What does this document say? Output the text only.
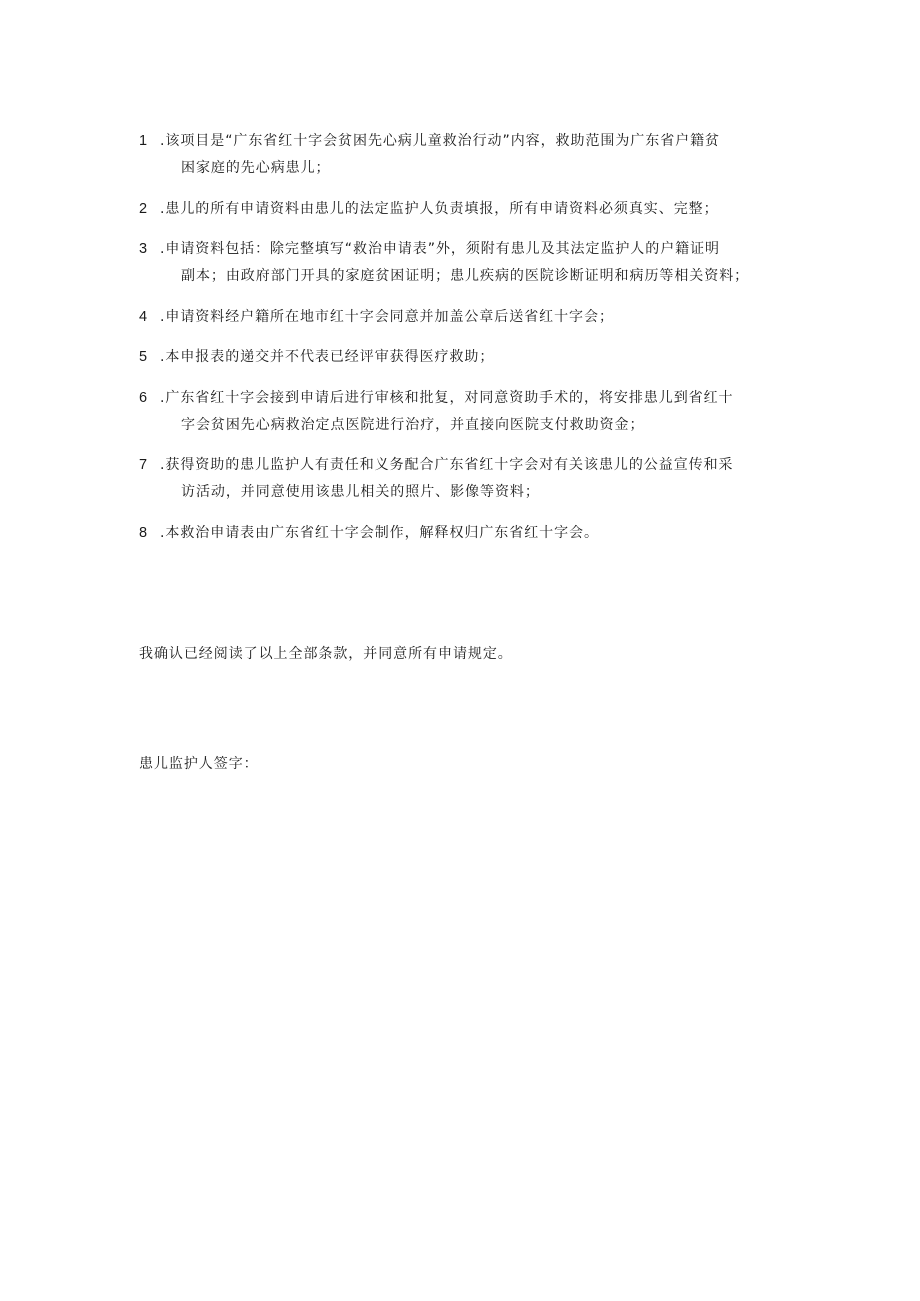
1 .该项目是“广东省红十字会贫困先心病儿童救治行动”内容，救助范围为广东省户籍贫
困家庭的先心病患儿；
2 .患儿的所有申请资料由患儿的法定监护人负责填报，所有申请资料必须真实、完整；
3 .申请资料包括：除完整填写“救治申请表”外，须附有患儿及其法定监护人的户籍证明
副本；由政府部门开具的家庭贫困证明；患儿疾病的医院诊断证明和病历等相关资料；
4 .申请资料经户籍所在地市红十字会同意并加盖公章后送省红十字会；
5 .本申报表的递交并不代表已经评审获得医疗救助；
6 .广东省红十字会接到申请后进行审核和批复，对同意资助手术的，将安排患儿到省红十
字会贫困先心病救治定点医院进行治疗，并直接向医院支付救助资金；
7 .获得资助的患儿监护人有责任和义务配合广东省红十字会对有关该患儿的公益宣传和采
访活动，并同意使用该患儿相关的照片、影像等资料；
8 .本救治申请表由广东省红十字会制作，解释权归广东省红十字会。

我确认已经阅读了以上全部条款，并同意所有申请规定。

患儿监护人签字：
